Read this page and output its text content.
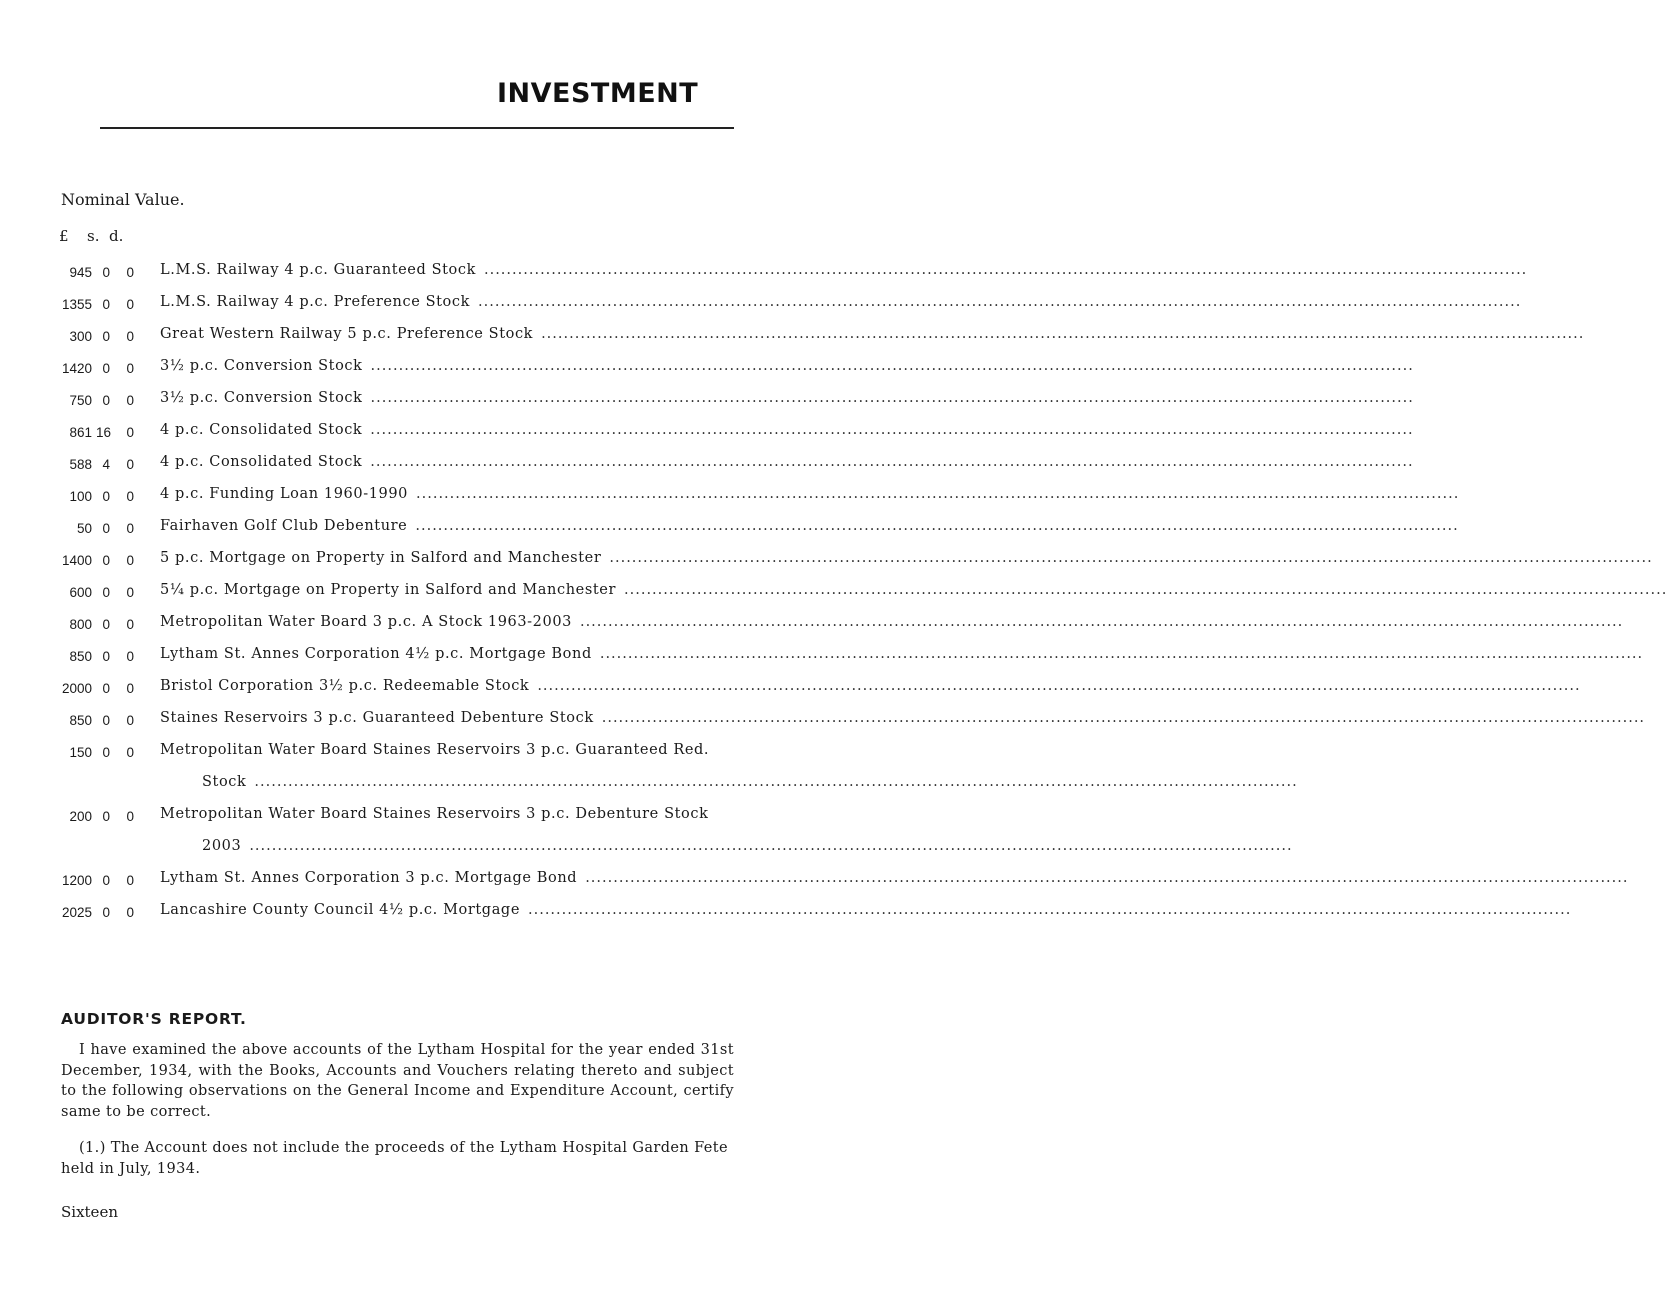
INVESTMENT
Nominal Value.
£ s. d.
945 0	0 L.M.S. Railway 4 p.c. Guaranteed Stock ..........................................................................................................................................................................................
1355 0	0 L.M.S. Railway 4 p.c. Preference Stock ..........................................................................................................................................................................................
300 0	0 Great Western Railway 5 p.c. Preference Stock ..........................................................................................................................................................................................
1420 0	0 3½ p.c. Conversion Stock ..........................................................................................................................................................................................
750 0	0 3½ p.c. Conversion Stock ..........................................................................................................................................................................................
861 16	0 4 p.c. Consolidated Stock ..........................................................................................................................................................................................
588 4	0 4 p.c. Consolidated Stock ..........................................................................................................................................................................................
100 0	0 4 p.c. Funding Loan 1960-1990 ..........................................................................................................................................................................................
50 0	0 Fairhaven Golf Club Debenture ..........................................................................................................................................................................................
1400 0	0 5 p.c. Mortgage on Property in Salford and Manchester ..........................................................................................................................................................................................
600 0	0 5¼ p.c. Mortgage on Property in Salford and Manchester ..........................................................................................................................................................................................
800 0	0 Metropolitan Water Board 3 p.c. A Stock 1963-2003 ..........................................................................................................................................................................................
850 0	0 Lytham St. Annes Corporation 4½ p.c. Mortgage Bond ..........................................................................................................................................................................................
2000 0	0 Bristol Corporation 3½ p.c. Redeemable Stock ..........................................................................................................................................................................................
850 0	0 Staines Reservoirs 3 p.c. Guaranteed Debenture Stock ..........................................................................................................................................................................................
150 0	0 Metropolitan Water Board Staines Reservoirs 3 p.c. Guaranteed Red.
Stock ..........................................................................................................................................................................................
200 0	0 Metropolitan Water Board Staines Reservoirs 3 p.c. Debenture Stock
2003 ..........................................................................................................................................................................................
1200 0	0 Lytham St. Annes Corporation 3 p.c. Mortgage Bond ..........................................................................................................................................................................................
2025 0	0 Lancashire County Council 4½ p.c. Mortgage ..........................................................................................................................................................................................
AUDITOR'S REPORT.

I have examined the above accounts of the Lytham Hospital for the year ended 31st December, 1934, with the Books, Accounts and Vouchers relating thereto and subject to the following observations on the General Income and Expenditure Account, certify same to be correct.

(1.) The Account does not include the proceeds of the Lytham Hospital Garden Fete held in July, 1934.

Sixteen
